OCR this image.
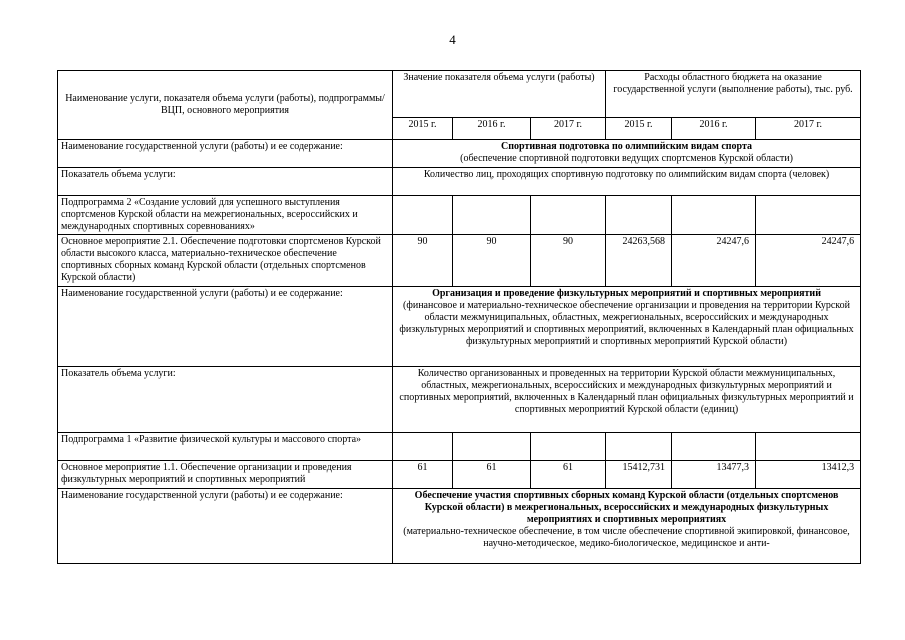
4
Наименование услуги, показателя объема услуги (работы), подпрограммы/ВЦП, основного мероприятия	Значение показателя объема услуги (работы)			Расходы областного бюджета на оказание государственной услуги (выполнение работы), тыс. руб.		
	2015 г.	2016 г.	2017 г.	2015 г.	2016 г.	2017 г.
Наименование государственной услуги (работы) и ее содержание:	Спортивная подготовка по олимпийским видам спорта
(обеспечение спортивной подготовки ведущих спортсменов Курской области)					

Показатель объема услуги:	Количество лиц, проходящих спортивную подготовку по олимпийским видам спорта (человек)					
Подпрограмма 2 «Создание условий для успешного выступления спортсменов Курской области на межрегиональных, всероссийских и международных спортивных соревнованиях»						
Основное мероприятие 2.1. Обеспечение подготовки спортсменов Курской области высокого класса, материально-техническое обеспечение спортивных сборных команд Курской области (отдельных спортсменов Курской области)	90	90	90	24263,568	24247,6	24247,6
Наименование государственной услуги (работы) и ее содержание:	Организация и проведение физкультурных мероприятий и спортивных мероприятий
(финансовое и материально-техническое обеспечение организации и проведения на территории Курской области межмуниципальных, областных, межрегиональных, всероссийских и международных физкультурных мероприятий и спортивных мероприятий, включенных в Календарный план официальных физкультурных мероприятий и спортивных мероприятий Курской области)					

Показатель объема услуги:	Количество организованных и проведенных на территории Курской области межмуниципальных, областных, межрегиональных, всероссийских и международных физкультурных мероприятий и спортивных мероприятий, включенных в Календарный план официальных физкультурных мероприятий и спортивных мероприятий Курской области (единиц)					
Подпрограмма 1 «Развитие физической культуры и массового спорта»						
Основное мероприятие 1.1. Обеспечение организации и проведения физкультурных мероприятий и спортивных мероприятий	61	61	61	15412,731	13477,3	13412,3
Наименование государственной услуги (работы) и ее содержание:	Обеспечение участия спортивных сборных команд Курской области (отдельных спортсменов Курской области) в межрегиональных, всероссийских и международных физкультурных мероприятиях и спортивных мероприятиях
(материально-техническое обеспечение, в том числе обеспечение спортивной экипировкой, финансовое, научно-методическое, медико-биологическое, медицинское и анти-					
